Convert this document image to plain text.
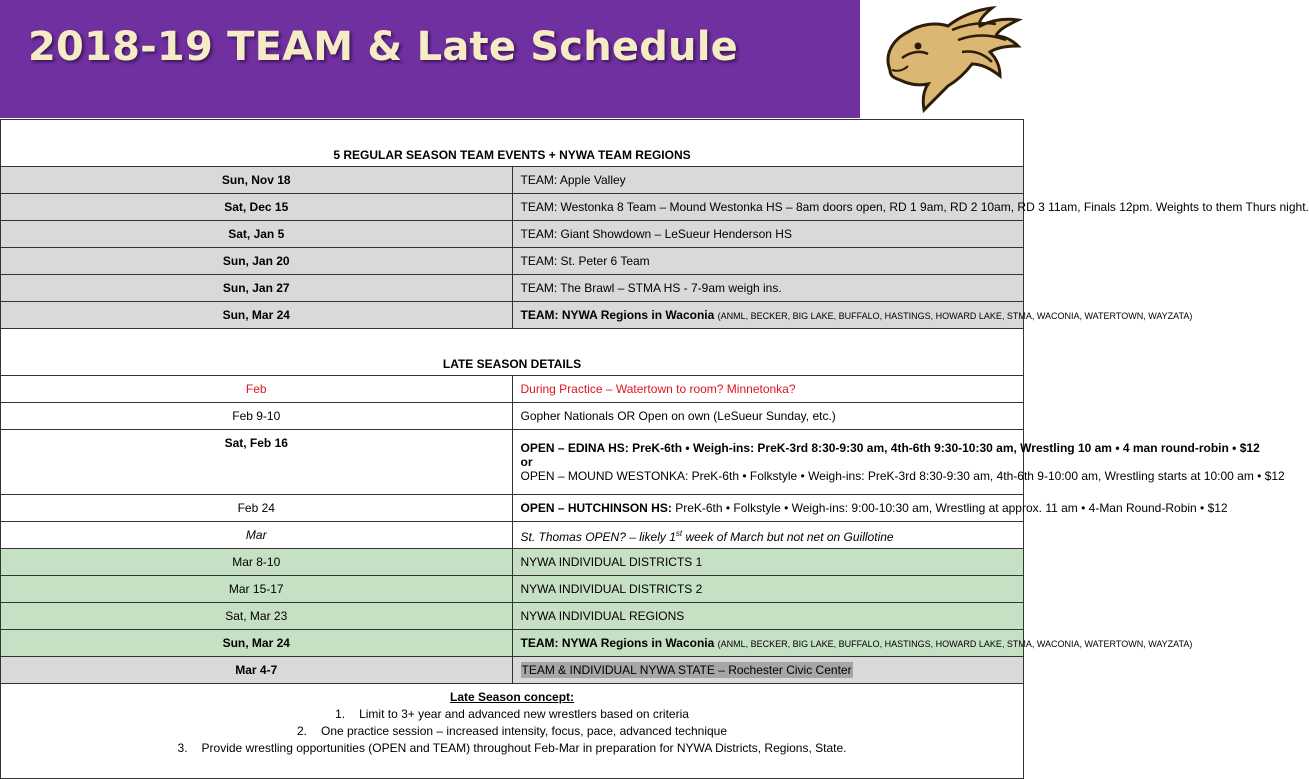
2018-19 TEAM & Late Schedule
5 REGULAR SEASON TEAM EVENTS + NYWA TEAM REGIONS	
Sun, Nov 18	TEAM: Apple Valley
Sat, Dec 15	TEAM: Westonka 8 Team – Mound Westonka HS – 8am doors open, RD 1 9am, RD 2 10am, RD 3 11am, Finals 12pm. Weights to them Thurs night.
Sat, Jan 5	TEAM: Giant Showdown – LeSueur Henderson HS
Sun, Jan 20	TEAM: St. Peter 6 Team
Sun, Jan 27	TEAM: The Brawl – STMA HS - 7-9am weigh ins.
Sun, Mar 24	TEAM: NYWA Regions in Waconia (ANML, BECKER, BIG LAKE, BUFFALO, HASTINGS, HOWARD LAKE, STMA, WACONIA, WATERTOWN, WAYZATA)
LATE SEASON DETAILS	
Feb	During Practice – Watertown to room? Minnetonka?
Feb 9-10	Gopher Nationals OR Open on own (LeSueur Sunday, etc.)
Sat, Feb 16	OPEN – EDINA HS: PreK-6th • Weigh-ins: PreK-3rd 8:30-9:30 am, 4th-6th 9:30-10:30 am, Wrestling 10 am • 4 man round-robin • $12
or
OPEN – MOUND WESTONKA: PreK-6th • Folkstyle • Weigh-ins: PreK-3rd 8:30-9:30 am, 4th-6th 9-10:00 am, Wrestling starts at 10:00 am • $12

Feb 24	OPEN – HUTCHINSON HS: PreK-6th • Folkstyle • Weigh-ins: 9:00-10:30 am, Wrestling at approx. 11 am • 4-Man Round-Robin • $12
Mar	St. Thomas OPEN? – likely 1st week of March but not net on Guillotine
Mar 8-10	NYWA INDIVIDUAL DISTRICTS 1
Mar 15-17	NYWA INDIVIDUAL DISTRICTS 2
Sat, Mar 23	NYWA INDIVIDUAL REGIONS
Sun, Mar 24	TEAM: NYWA Regions in Waconia (ANML, BECKER, BIG LAKE, BUFFALO, HASTINGS, HOWARD LAKE, STMA, WACONIA, WATERTOWN, WAYZATA)
Mar 4-7	TEAM & INDIVIDUAL NYWA STATE – Rochester Civic Center

Late Season concept:
1. Limit to 3+ year and advanced new wrestlers based on criteria
2. One practice session – increased intensity, focus, pace, advanced technique
3. Provide wrestling opportunities (OPEN and TEAM) throughout Feb-Mar in preparation for NYWA Districts, Regions, State.	
